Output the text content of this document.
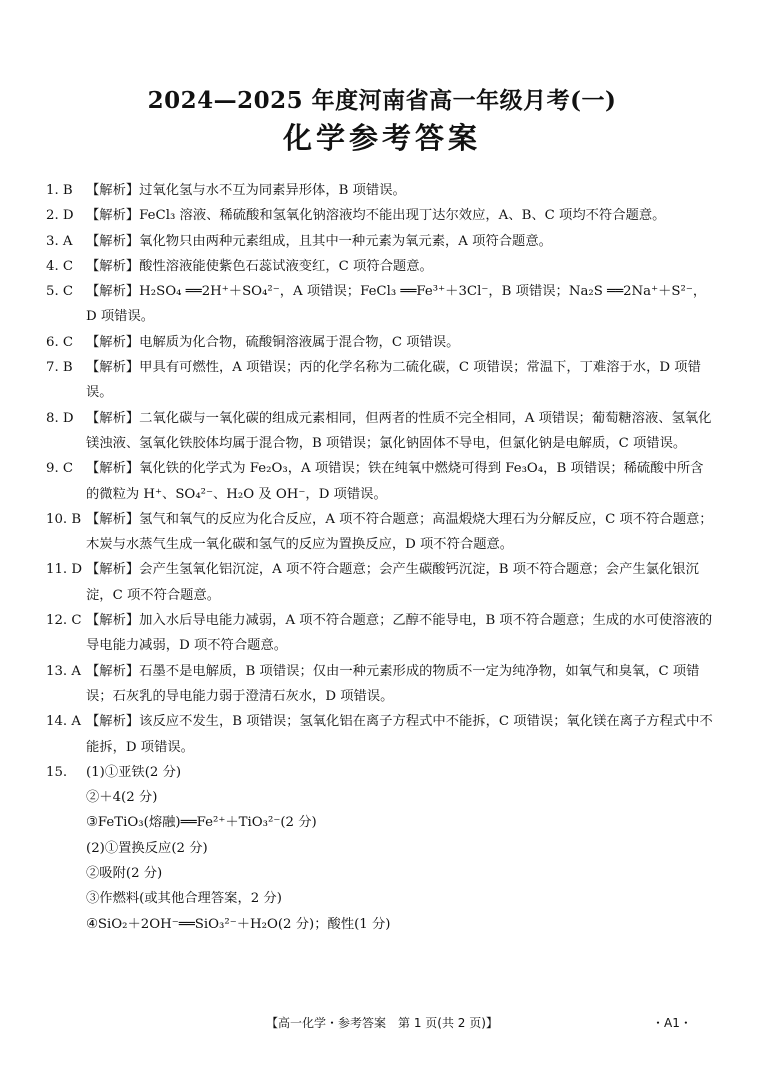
2024—2025 年度河南省高一年级月考(一)
化学参考答案
1. B 【解析】过氧化氢与水不互为同素异形体，B 项错误。
2. D 【解析】FeCl₃ 溶液、稀硫酸和氢氧化钠溶液均不能出现丁达尔效应，A、B、C 项均不符合题意。
3. A 【解析】氧化物只由两种元素组成，且其中一种元素为氧元素，A 项符合题意。
4. C 【解析】酸性溶液能使紫色石蕊试液变红，C 项符合题意。
5. C 【解析】H₂SO₄ ══2H⁺＋SO₄²⁻，A 项错误；FeCl₃ ══Fe³⁺＋3Cl⁻，B 项错误；Na₂S ══2Na⁺＋S²⁻，D 项错误。
6. C 【解析】电解质为化合物，硫酸铜溶液属于混合物，C 项错误。
7. B 【解析】甲具有可燃性，A 项错误；丙的化学名称为二硫化碳，C 项错误；常温下，丁难溶于水，D 项错误。
8. D 【解析】二氧化碳与一氧化碳的组成元素相同，但两者的性质不完全相同，A 项错误；葡萄糖溶液、氢氧化镁浊液、氢氧化铁胶体均属于混合物，B 项错误；氯化钠固体不导电，但氯化钠是电解质，C 项错误。
9. C 【解析】氧化铁的化学式为 Fe₂O₃，A 项错误；铁在纯氧中燃烧可得到 Fe₃O₄，B 项错误；稀硫酸中所含的微粒为 H⁺、SO₄²⁻、H₂O 及 OH⁻，D 项错误。
10. B 【解析】氢气和氧气的反应为化合反应，A 项不符合题意；高温煅烧大理石为分解反应，C 项不符合题意；木炭与水蒸气生成一氧化碳和氢气的反应为置换反应，D 项不符合题意。
11. D 【解析】会产生氢氧化铝沉淀，A 项不符合题意；会产生碳酸钙沉淀，B 项不符合题意；会产生氯化银沉淀，C 项不符合题意。
12. C 【解析】加入水后导电能力减弱，A 项不符合题意；乙醇不能导电，B 项不符合题意；生成的水可使溶液的导电能力减弱，D 项不符合题意。
13. A 【解析】石墨不是电解质，B 项错误；仅由一种元素形成的物质不一定为纯净物，如氧气和臭氧，C 项错误；石灰乳的导电能力弱于澄清石灰水，D 项错误。
14. A 【解析】该反应不发生，B 项错误；氢氧化铝在离子方程式中不能拆，C 项错误；氧化镁在离子方程式中不能拆，D 项错误。
15. (1)①亚铁(2 分)
②＋4(2 分)
③FeTiO₃(熔融)══Fe²⁺＋TiO₃²⁻(2 分)
(2)①置换反应(2 分)
②吸附(2 分)
③作燃料(或其他合理答案，2 分)
④SiO₂＋2OH⁻══SiO₃²⁻＋H₂O(2 分)；酸性(1 分)
【高一化学・参考答案　第 1 页(共 2 页)】	・A1・
